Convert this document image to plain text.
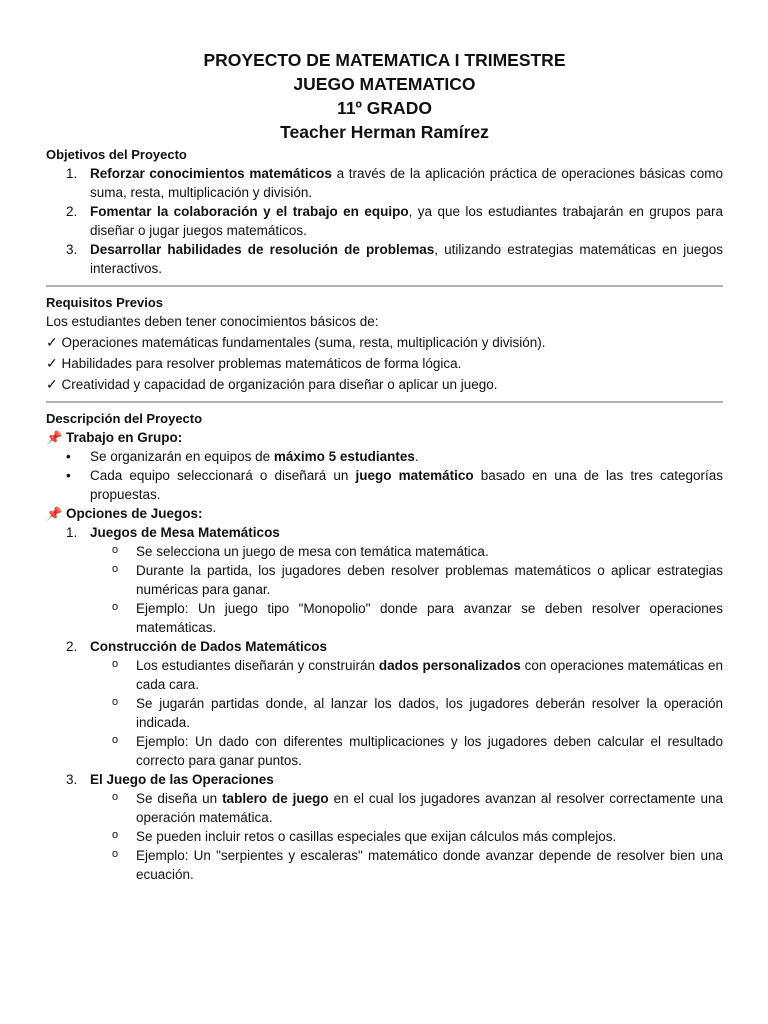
PROYECTO DE MATEMATICA I TRIMESTRE

JUEGO MATEMATICO

11º GRADO

Teacher Herman Ramírez

Objetivos del Proyecto

1. Reforzar conocimientos matemáticos a través de la aplicación práctica de operaciones básicas como suma, resta, multiplicación y división.
2. Fomentar la colaboración y el trabajo en equipo, ya que los estudiantes trabajarán en grupos para diseñar o jugar juegos matemáticos.
3. Desarrollar habilidades de resolución de problemas, utilizando estrategias matemáticas en juegos interactivos.

Requisitos Previos

Los estudiantes deben tener conocimientos básicos de:

✓ Operaciones matemáticas fundamentales (suma, resta, multiplicación y división).

✓ Habilidades para resolver problemas matemáticos de forma lógica.

✓ Creatividad y capacidad de organización para diseñar o aplicar un juego.

Descripción del Proyecto

📌 Trabajo en Grupo:

• Se organizarán en equipos de máximo 5 estudiantes.
• Cada equipo seleccionará o diseñará un juego matemático basado en una de las tres categorías propuestas.

📌 Opciones de Juegos:

1. Juegos de Mesa Matemáticos
o Se selecciona un juego de mesa con temática matemática.
o Durante la partida, los jugadores deben resolver problemas matemáticos o aplicar estrategias numéricas para ganar.
o Ejemplo: Un juego tipo "Monopolio" donde para avanzar se deben resolver operaciones matemáticas.
2. Construcción de Dados Matemáticos
o Los estudiantes diseñarán y construirán dados personalizados con operaciones matemáticas en cada cara.
o Se jugarán partidas donde, al lanzar los dados, los jugadores deberán resolver la operación indicada.
o Ejemplo: Un dado con diferentes multiplicaciones y los jugadores deben calcular el resultado correcto para ganar puntos.
3. El Juego de las Operaciones
o Se diseña un tablero de juego en el cual los jugadores avanzan al resolver correctamente una operación matemática.
o Se pueden incluir retos o casillas especiales que exijan cálculos más complejos.
o Ejemplo: Un "serpientes y escaleras" matemático donde avanzar depende de resolver bien una ecuación.
